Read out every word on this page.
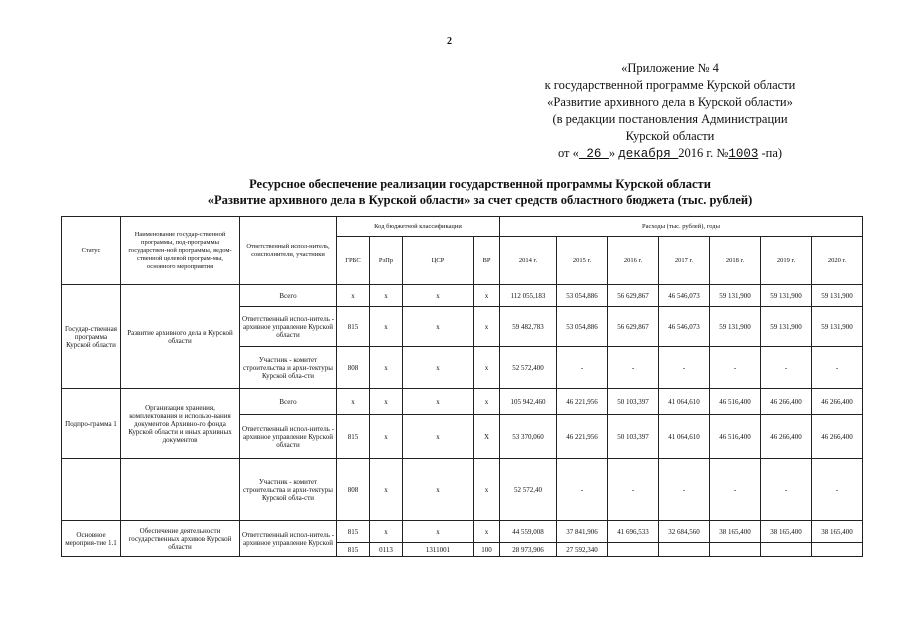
2
«Приложение № 4
к государственной программе Курской области
«Развитие архивного дела в Курской области»
(в редакции постановления Администрации
Курской области
от « 26 » декабря 2016 г. №1003 -па)
Ресурсное обеспечение реализации государственной программы Курской области
«Развитие архивного дела в Курской области» за счет средств областного бюджета (тыс. рублей)
Статус	Наименование государ-ственной программы, под-программы государствен-ной программы, ведом-ственной целевой програм-мы, основного мероприятия	Ответственный испол-нитель, соисполнители, участники	Код бюджетной классификации				Расходы (тыс. рублей), годы						
			ГРБС	РзПр	ЦСР	ВР	2014 г.	2015 г.	2016 г.	2017 г.	2018 г.	2019 г.	2020 г.
Государ-ственная программа Курской области	Развитие архивного дела в Курской области	Всего	x	x	x	x	112 055,183	53 054,886	56 629,867	46 546,073	59 131,900	59 131,900	59 131,900
		Ответственный испол-нитель - архивное управление Курской области	815	x	x	x	59 482,783	53 054,886	56 629,867	46 546,073	59 131,900	59 131,900	59 131,900
		Участник - комитет строительства и архи-тектуры Курской обла-сти	808	x	x	x	52 572,400	-	-	-	-	-	-
Подпро-грамма 1	Организация хранения, комплектования и использо-вания документов Архивно-го фонда Курской области и иных архивных документов	Всего	x	x	x	x	105 942,460	46 221,956	50 103,397	41 064,610	46 516,400	46 266,400	46 266,400
		Ответственный испол-нитель - архивное управление Курской области	815	x	x	X	53 370,060	46 221,956	50 103,397	41 064,610	46 516,400	46 266,400	46 266,400
		Участник - комитет строительства и архи-тектуры Курской обла-сти	808	x	x	x	52 572,40	-	-	-	-	-	-
Основное мероприя-тие 1.1	Обеспечение деятельности государственных архивов Курской области	Ответственный испол-нитель - архивное управление Курской	815	x	x	x	44 559,008	37 841,906	41 696,533	32 684,560	38 165,400	38 165,400	38 165,400
			815	0113	1311001	100	28 973,906	27 592,340					
